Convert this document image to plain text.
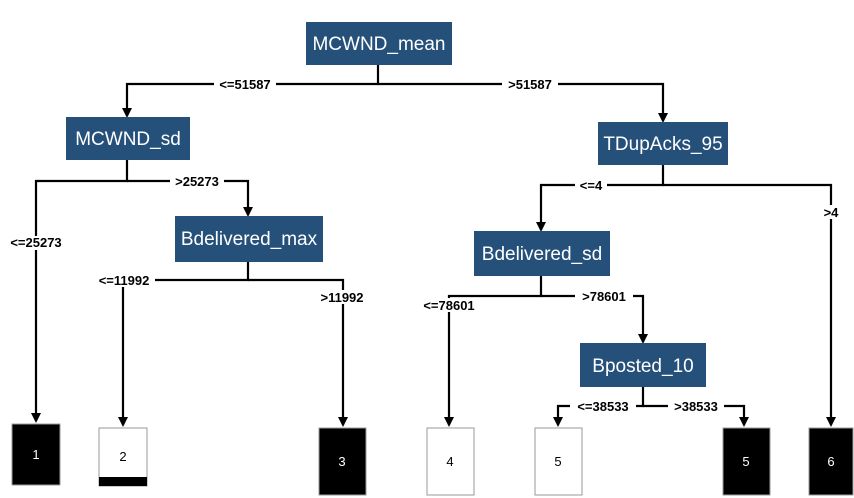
<=51587	>51587
<=25273
>25273
<=11992
>11992
<=4
>4
<=78601
>78601
<=38533	>38533
MCWND_mean
MCWND_sd	TDupAcks_95
Bdelivered_max
Bdelivered_sd
Bposted_10
1	2	3	4	5	5	6
